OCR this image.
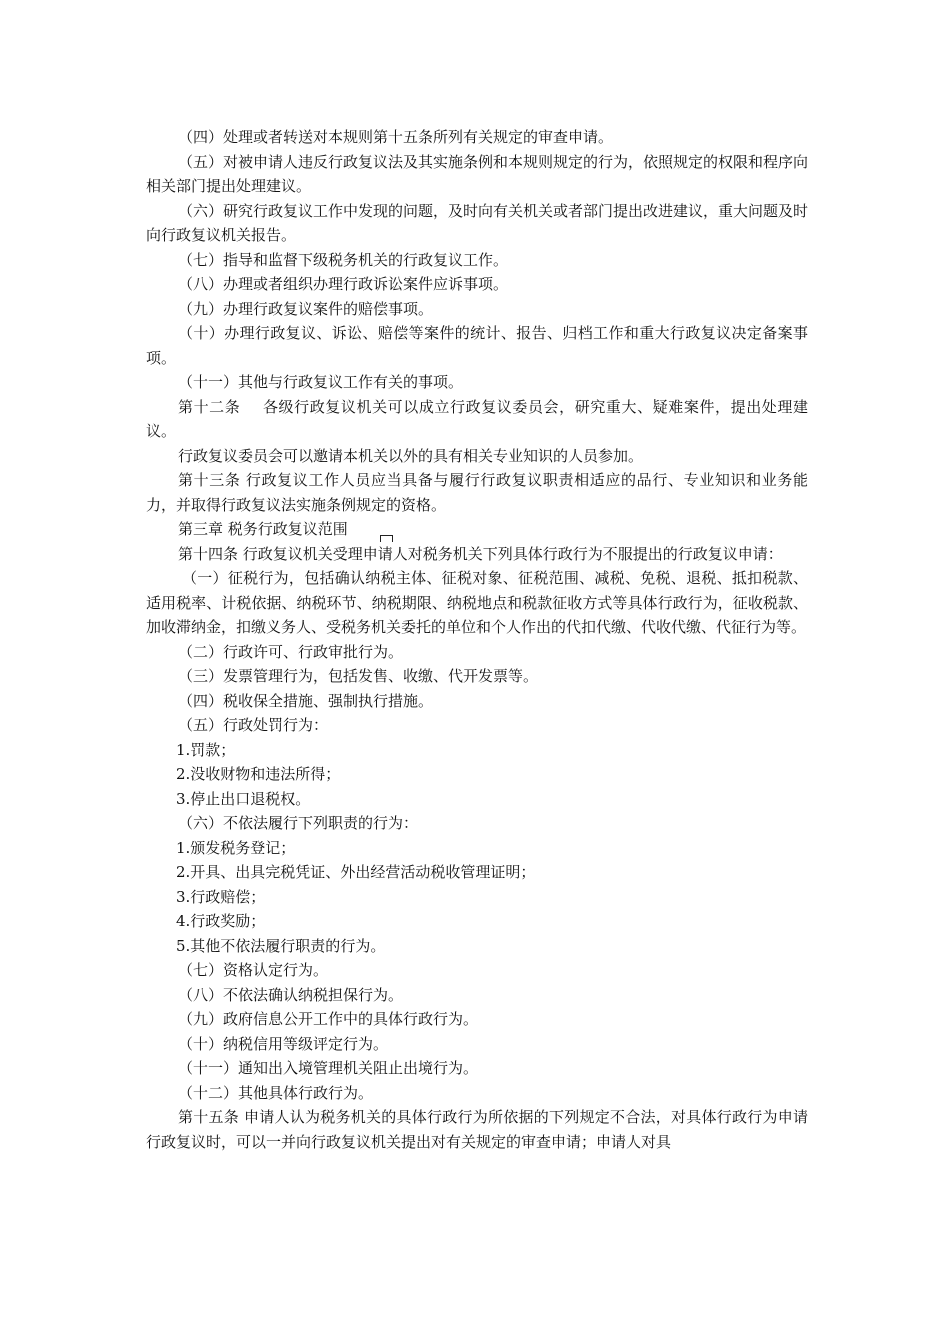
（四）处理或者转送对本规则第十五条所列有关规定的审查申请。

（五）对被申请人违反行政复议法及其实施条例和本规则规定的行为，依照规定的权限和程序向相关部门提出处理建议。

（六）研究行政复议工作中发现的问题，及时向有关机关或者部门提出改进建议，重大问题及时向行政复议机关报告。

（七）指导和监督下级税务机关的行政复议工作。

（八）办理或者组织办理行政诉讼案件应诉事项。

（九）办理行政复议案件的赔偿事项。

（十）办理行政复议、诉讼、赔偿等案件的统计、报告、归档工作和重大行政复议决定备案事项。

（十一）其他与行政复议工作有关的事项。

第十二条 各级行政复议机关可以成立行政复议委员会，研究重大、疑难案件，提出处理建议。

行政复议委员会可以邀请本机关以外的具有相关专业知识的人员参加。

第十三条 行政复议工作人员应当具备与履行行政复议职责相适应的品行、专业知识和业务能力，并取得行政复议法实施条例规定的资格。

第三章 税务行政复议范围

第十四条 行政复议机关受理申请人对税务机关下列具体行政行为不服提出的行政复议申请：

（一）征税行为，包括确认纳税主体、征税对象、征税范围、减税、免税、退税、抵扣税款、适用税率、计税依据、纳税环节、纳税期限、纳税地点和税款征收方式等具体行政行为，征收税款、加收滞纳金，扣缴义务人、受税务机关委托的单位和个人作出的代扣代缴、代收代缴、代征行为等。

（二）行政许可、行政审批行为。

（三）发票管理行为，包括发售、收缴、代开发票等。

（四）税收保全措施、强制执行措施。

（五）行政处罚行为：

1.罚款；

2.没收财物和违法所得；

3.停止出口退税权。

（六）不依法履行下列职责的行为：

1.颁发税务登记；

2.开具、出具完税凭证、外出经营活动税收管理证明；

3.行政赔偿；

4.行政奖励；

5.其他不依法履行职责的行为。

（七）资格认定行为。

（八）不依法确认纳税担保行为。

（九）政府信息公开工作中的具体行政行为。

（十）纳税信用等级评定行为。

（十一）通知出入境管理机关阻止出境行为。

（十二）其他具体行政行为。

第十五条 申请人认为税务机关的具体行政行为所依据的下列规定不合法，对具体行政行为申请行政复议时，可以一并向行政复议机关提出对有关规定的审查申请；申请人对具
